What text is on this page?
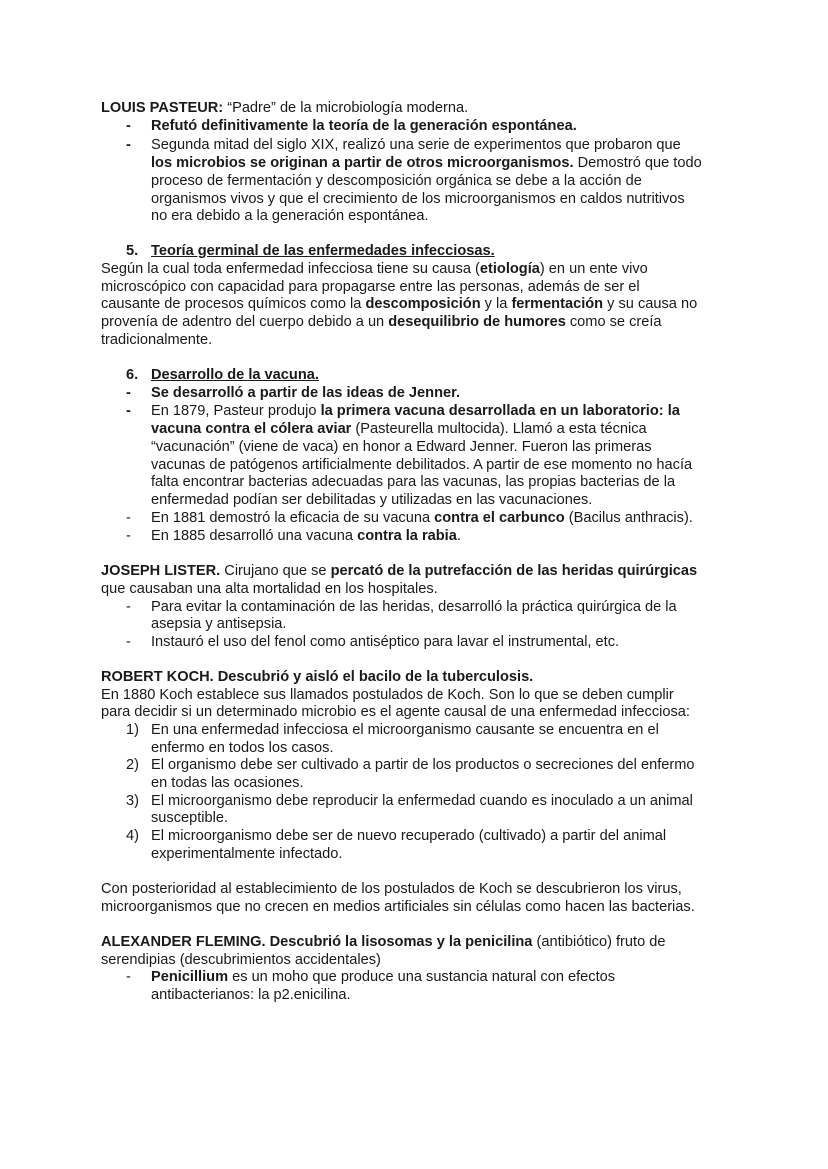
LOUIS PASTEUR: “Padre” de la microbiología moderna.
- Refutó definitivamente la teoría de la generación espontánea.
- Segunda mitad del siglo XIX, realizó una serie de experimentos que probaron que
los microbios se originan a partir de otros microorganismos. Demostró que todo
proceso de fermentación y descomposición orgánica se debe a la acción de
organismos vivos y que el crecimiento de los microorganismos en caldos nutritivos
no era debido a la generación espontánea.
5. Teoría germinal de las enfermedades infecciosas.
Según la cual toda enfermedad infecciosa tiene su causa (etiología) en un ente vivo
microscópico con capacidad para propagarse entre las personas, además de ser el
causante de procesos químicos como la descomposición y la fermentación y su causa no
provenía de adentro del cuerpo debido a un desequilibrio de humores como se creía
tradicionalmente.
6. Desarrollo de la vacuna.
- Se desarrolló a partir de las ideas de Jenner.
- En 1879, Pasteur produjo la primera vacuna desarrollada en un laboratorio: la
vacuna contra el cólera aviar (Pasteurella multocida). Llamó a esta técnica
“vacunación” (viene de vaca) en honor a Edward Jenner. Fueron las primeras
vacunas de patógenos artificialmente debilitados. A partir de ese momento no hacía
falta encontrar bacterias adecuadas para las vacunas, las propias bacterias de la
enfermedad podían ser debilitadas y utilizadas en las vacunaciones.
- En 1881 demostró la eficacia de su vacuna contra el carbunco (Bacilus anthracis).
- En 1885 desarrolló una vacuna contra la rabia.
JOSEPH LISTER. Cirujano que se percató de la putrefacción de las heridas quirúrgicas
que causaban una alta mortalidad en los hospitales.
- Para evitar la contaminación de las heridas, desarrolló la práctica quirúrgica de la
asepsia y antisepsia.
- Instauró el uso del fenol como antiséptico para lavar el instrumental, etc.
ROBERT KOCH. Descubrió y aisló el bacilo de la tuberculosis.
En 1880 Koch establece sus llamados postulados de Koch. Son lo que se deben cumplir
para decidir si un determinado microbio es el agente causal de una enfermedad infecciosa:
1) En una enfermedad infecciosa el microorganismo causante se encuentra en el
enfermo en todos los casos.
2) El organismo debe ser cultivado a partir de los productos o secreciones del enfermo
en todas las ocasiones.
3) El microorganismo debe reproducir la enfermedad cuando es inoculado a un animal
susceptible.
4) El microorganismo debe ser de nuevo recuperado (cultivado) a partir del animal
experimentalmente infectado.
Con posterioridad al establecimiento de los postulados de Koch se descubrieron los virus,
microorganismos que no crecen en medios artificiales sin células como hacen las bacterias.
ALEXANDER FLEMING. Descubrió la lisosomas y la penicilina (antibiótico) fruto de
serendipias (descubrimientos accidentales)
- Penicillium es un moho que produce una sustancia natural con efectos
antibacterianos: la p2.enicilina.
